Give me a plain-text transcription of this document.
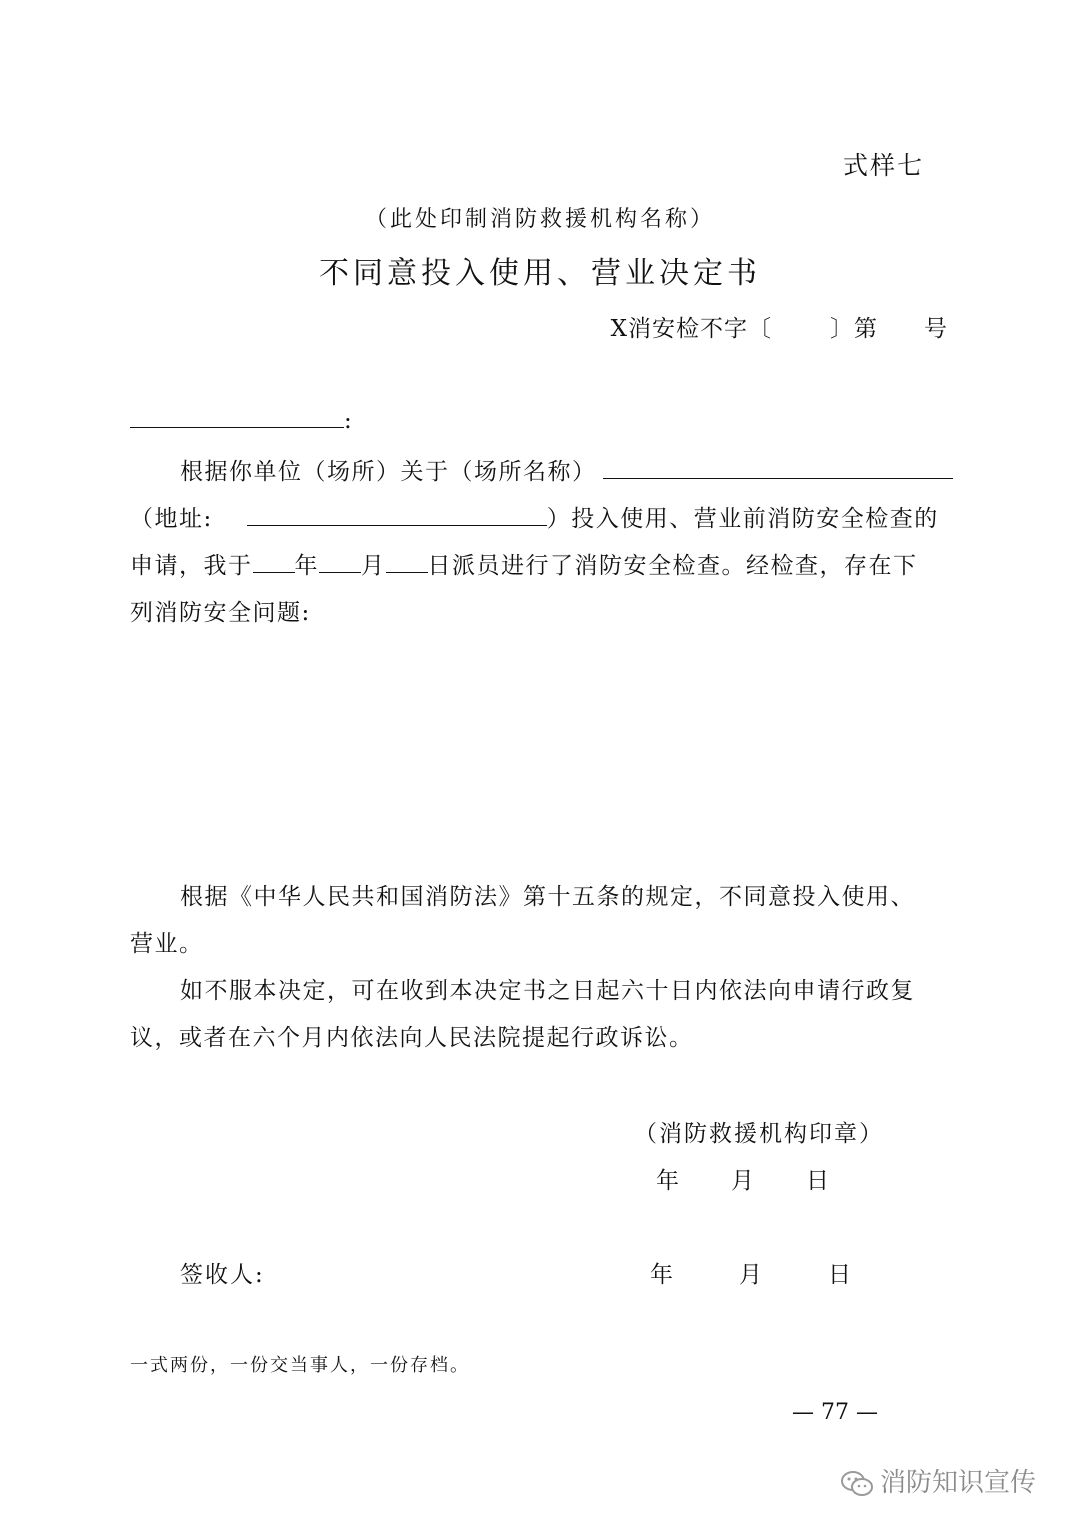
式样七
（此处印制消防救援机构名称）
不同意投入使用、营业决定书
X消安检不字〔	〕第 号
:
根据你单位（场所）关于（场所名称）
（地址:	）投入使用、营业前消防安全检查的
申请，我于 年 月 日派员进行了消防安全检查。经检查，存在下
列消防安全问题:
根据《中华人民共和国消防法》第十五条的规定，不同意投入使用、
营业。
如不服本决定，可在收到本决定书之日起六十日内依法向申请行政复
议，或者在六个月内依法向人民法院提起行政诉讼。
（消防救援机构印章）
年 月 日
签收人:	年	月	日
一式两份，一份交当事人，一份存档。
— 77 —
消防知识宣传
